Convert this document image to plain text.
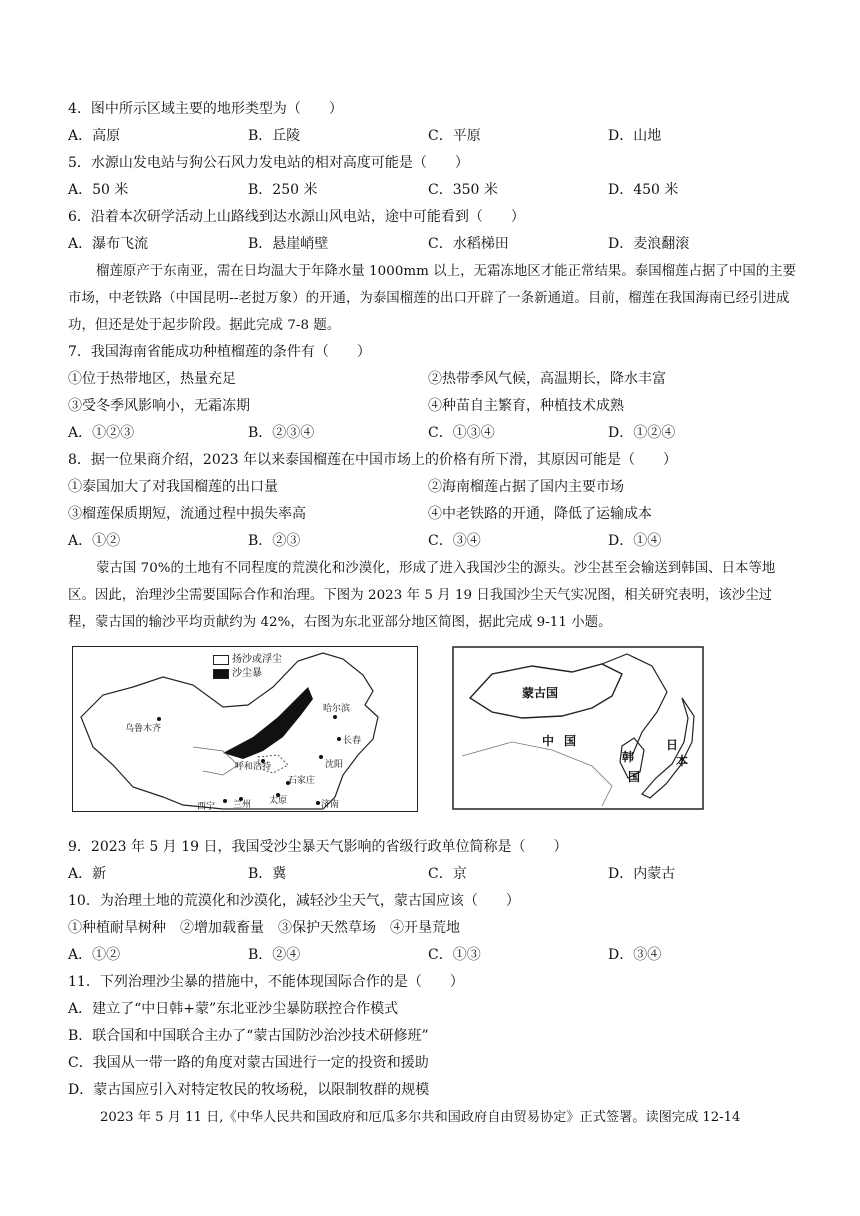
4．图中所示区域主要的地形类型为（　　）
A．高原	B．丘陵	C．平原	D．山地
5．水源山发电站与狗公石风力发电站的相对高度可能是（　　）
A．50 米	B．250 米	C．350 米	D．450 米
6．沿着本次研学活动上山路线到达水源山风电站，途中可能看到（　　）
A．瀑布飞流	B．悬崖峭壁	C．水稻梯田	D．麦浪翻滚
榴莲原产于东南亚，需在日均温大于年降水量 1000mm 以上，无霜冻地区才能正常结果。泰国榴莲占据了中国的主要市场，中老铁路（中国昆明--老挝万象）的开通，为泰国榴莲的出口开辟了一条新通道。目前，榴莲在我国海南已经引进成功，但还是处于起步阶段。据此完成 7-8 题。
7．我国海南省能成功种植榴莲的条件有（　　）
①位于热带地区，热量充足	②热带季风气候，高温期长，降水丰富
③受冬季风影响小，无霜冻期	④种苗自主繁育，种植技术成熟
A．①②③	B．②③④	C．①③④	D．①②④
8．据一位果商介绍，2023 年以来泰国榴莲在中国市场上的价格有所下滑，其原因可能是（　　）
①泰国加大了对我国榴莲的出口量	②海南榴莲占据了国内主要市场
③榴莲保质期短，流通过程中损失率高	④中老铁路的开通，降低了运输成本
A．①②	B．②③	C．③④	D．①④
蒙古国 70%的土地有不同程度的荒漠化和沙漠化，形成了进入我国沙尘的源头。沙尘甚至会输送到韩国、日本等地区。因此，治理沙尘需要国际合作和治理。下图为 2023 年 5 月 19 日我国沙尘天气实况图，相关研究表明，该沙尘过程，蒙古国的输沙平均贡献约为 42%，右图为东北亚部分地区简图，据此完成 9-11 小题。
扬沙或浮尘
沙尘暴
乌鲁木齐
哈尔滨
长春
沈阳
呼和浩特
石家庄
太原	济南
西宁 兰州
蒙古国
中 国
韩
国
日
本
9．2023 年 5 月 19 日，我国受沙尘暴天气影响的省级行政单位简称是（　　）
A．新	B．冀	C．京	D．内蒙古
10．为治理土地的荒漠化和沙漠化，减轻沙尘天气，蒙古国应该（　　）
①种植耐旱树种　②增加载畜量　③保护天然草场　④开垦荒地
A．①②	B．②④	C．①③	D．③④
11．下列治理沙尘暴的措施中，不能体现国际合作的是（　　）
A．建立了“中日韩+蒙”东北亚沙尘暴防联控合作模式
B．联合国和中国联合主办了“蒙古国防沙治沙技术研修班”
C．我国从一带一路的角度对蒙古国进行一定的投资和援助
D．蒙古国应引入对特定牧民的牧场税，以限制牧群的规模
2023 年 5 月 11 日,《中华人民共和国政府和厄瓜多尔共和国政府自由贸易协定》正式签署。读图完成 12-14
